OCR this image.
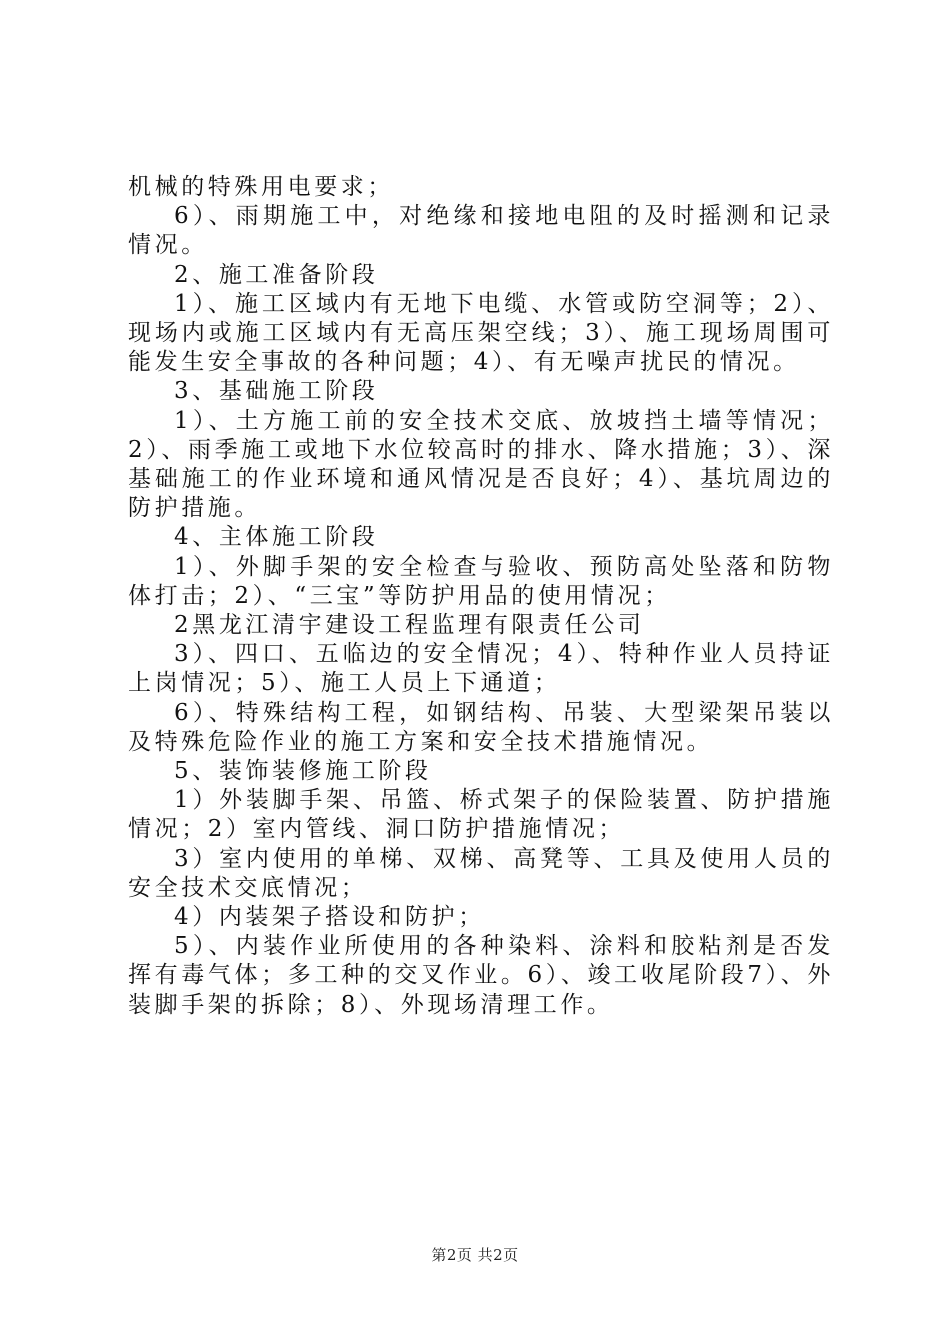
机械的特殊用电要求；

6）、雨期施工中，对绝缘和接地电阻的及时摇测和记录情况。

2、施工准备阶段

1）、施工区域内有无地下电缆、水管或防空洞等；2）、现场内或施工区域内有无高压架空线；3）、施工现场周围可能发生安全事故的各种问题；4）、有无噪声扰民的情况。

3、基础施工阶段

1）、土方施工前的安全技术交底、放坡挡土墙等情况；2）、雨季施工或地下水位较高时的排水、降水措施；3）、深基础施工的作业环境和通风情况是否良好；4）、基坑周边的防护措施。

4、主体施工阶段

1）、外脚手架的安全检查与验收、预防高处坠落和防物体打击；2）、“三宝”等防护用品的使用情况；

2黑龙江清宇建设工程监理有限责任公司

3）、四口、五临边的安全情况；4）、特种作业人员持证上岗情况；5）、施工人员上下通道；

6）、特殊结构工程，如钢结构、吊装、大型梁架吊装以及特殊危险作业的施工方案和安全技术措施情况。

5、装饰装修施工阶段

1）外装脚手架、吊篮、桥式架子的保险装置、防护措施情况；2）室内管线、洞口防护措施情况；

3）室内使用的单梯、双梯、高凳等、工具及使用人员的安全技术交底情况；

4）内装架子搭设和防护；

5）、内装作业所使用的各种染料、涂料和胶粘剂是否发挥有毒气体；多工种的交叉作业。6）、竣工收尾阶段7）、外装脚手架的拆除；8）、外现场清理工作。

第2页 共2页
